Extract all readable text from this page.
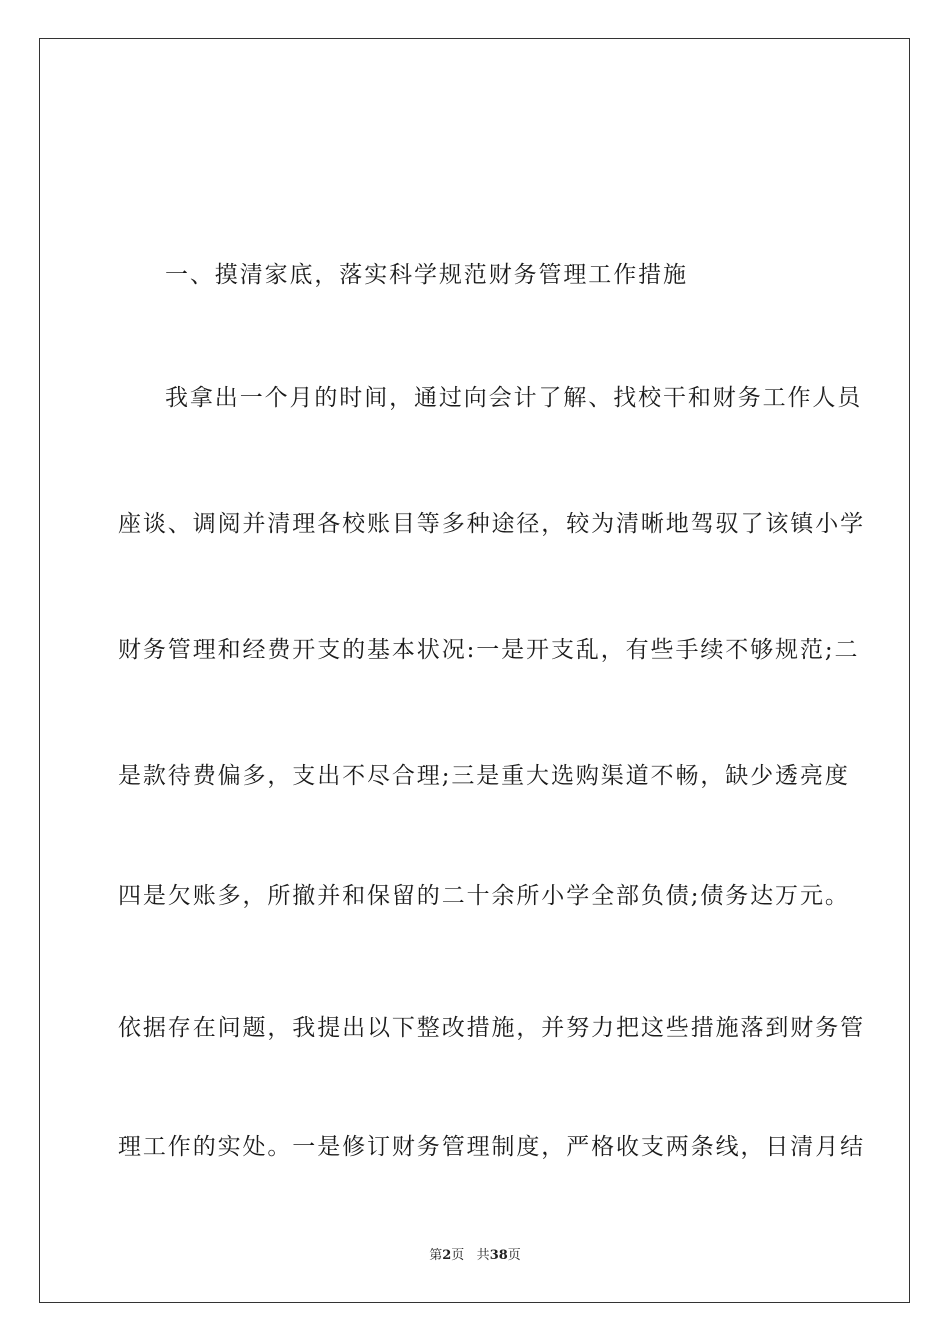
一、摸清家底，落实科学规范财务管理工作措施
我拿出一个月的时间，通过向会计了解、找校干和财务工作人员
座谈、调阅并清理各校账目等多种途径，较为清晰地驾驭了该镇小学
财务管理和经费开支的基本状况:一是开支乱，有些手续不够规范;二
是款待费偏多，支出不尽合理;三是重大选购渠道不畅，缺少透亮度
四是欠账多，所撤并和保留的二十余所小学全部负债;债务达万元。
依据存在问题，我提出以下整改措施，并努力把这些措施落到财务管
理工作的实处。一是修订财务管理制度，严格收支两条线，日清月结
第2页 共38页
